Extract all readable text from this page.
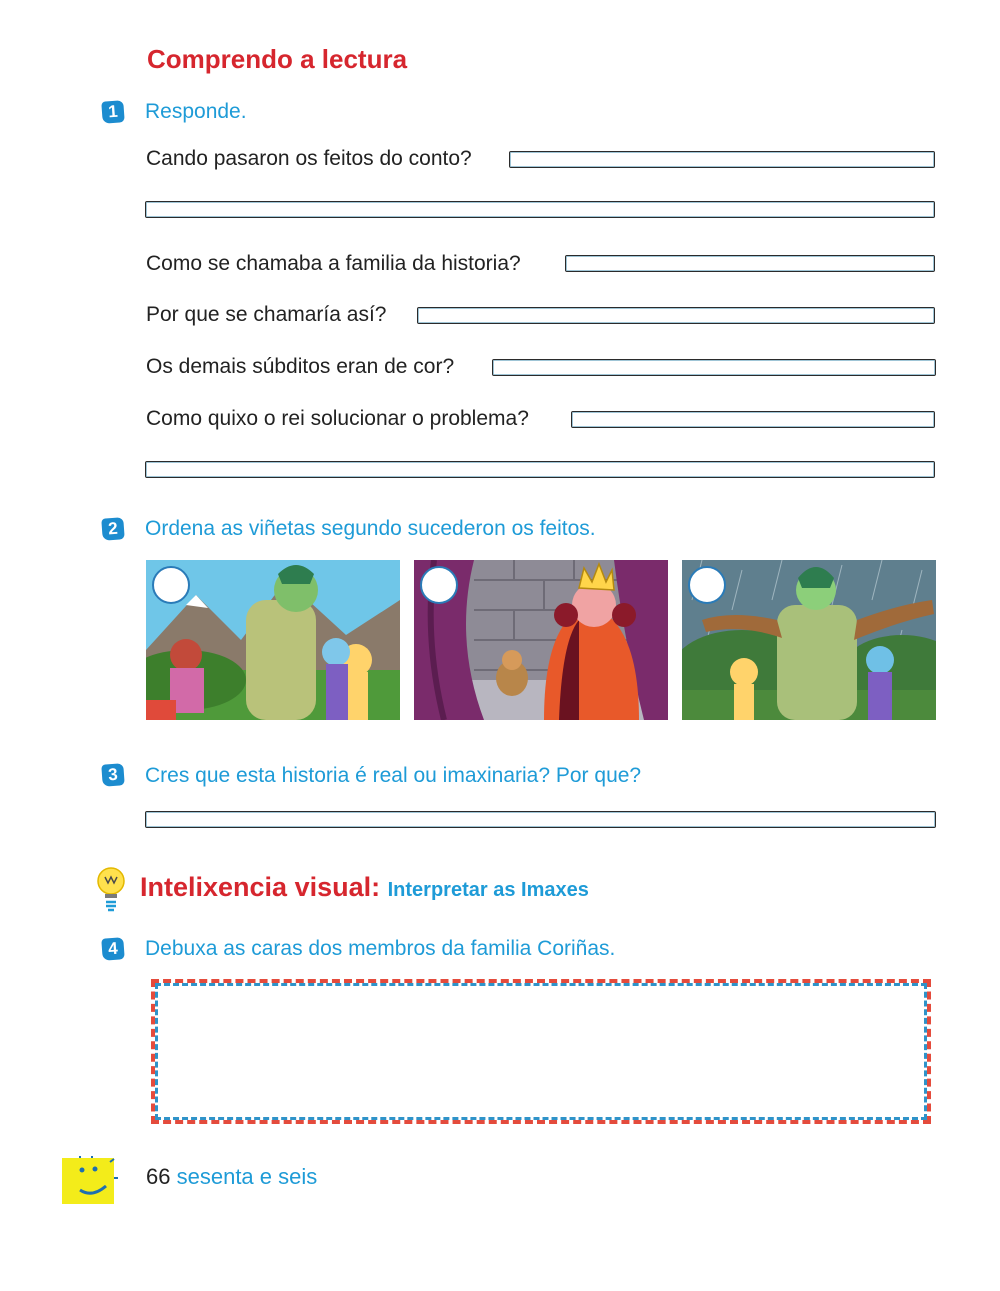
Comprendo a lectura
1	Responde.
Cando pasaron os feitos do conto?
Como se chamaba a familia da historia?
Por que se chamaría así?
Os demais súbditos eran de cor?
Como quixo o rei solucionar o problema?
2	Ordena as viñetas segundo sucederon os feitos.
3	Cres que esta historia é real ou imaxinaria? Por que?
Intelixencia visual: Interpretar as Imaxes
4	Debuxa as caras dos membros da familia Coriñas.
66 sesenta e seis
